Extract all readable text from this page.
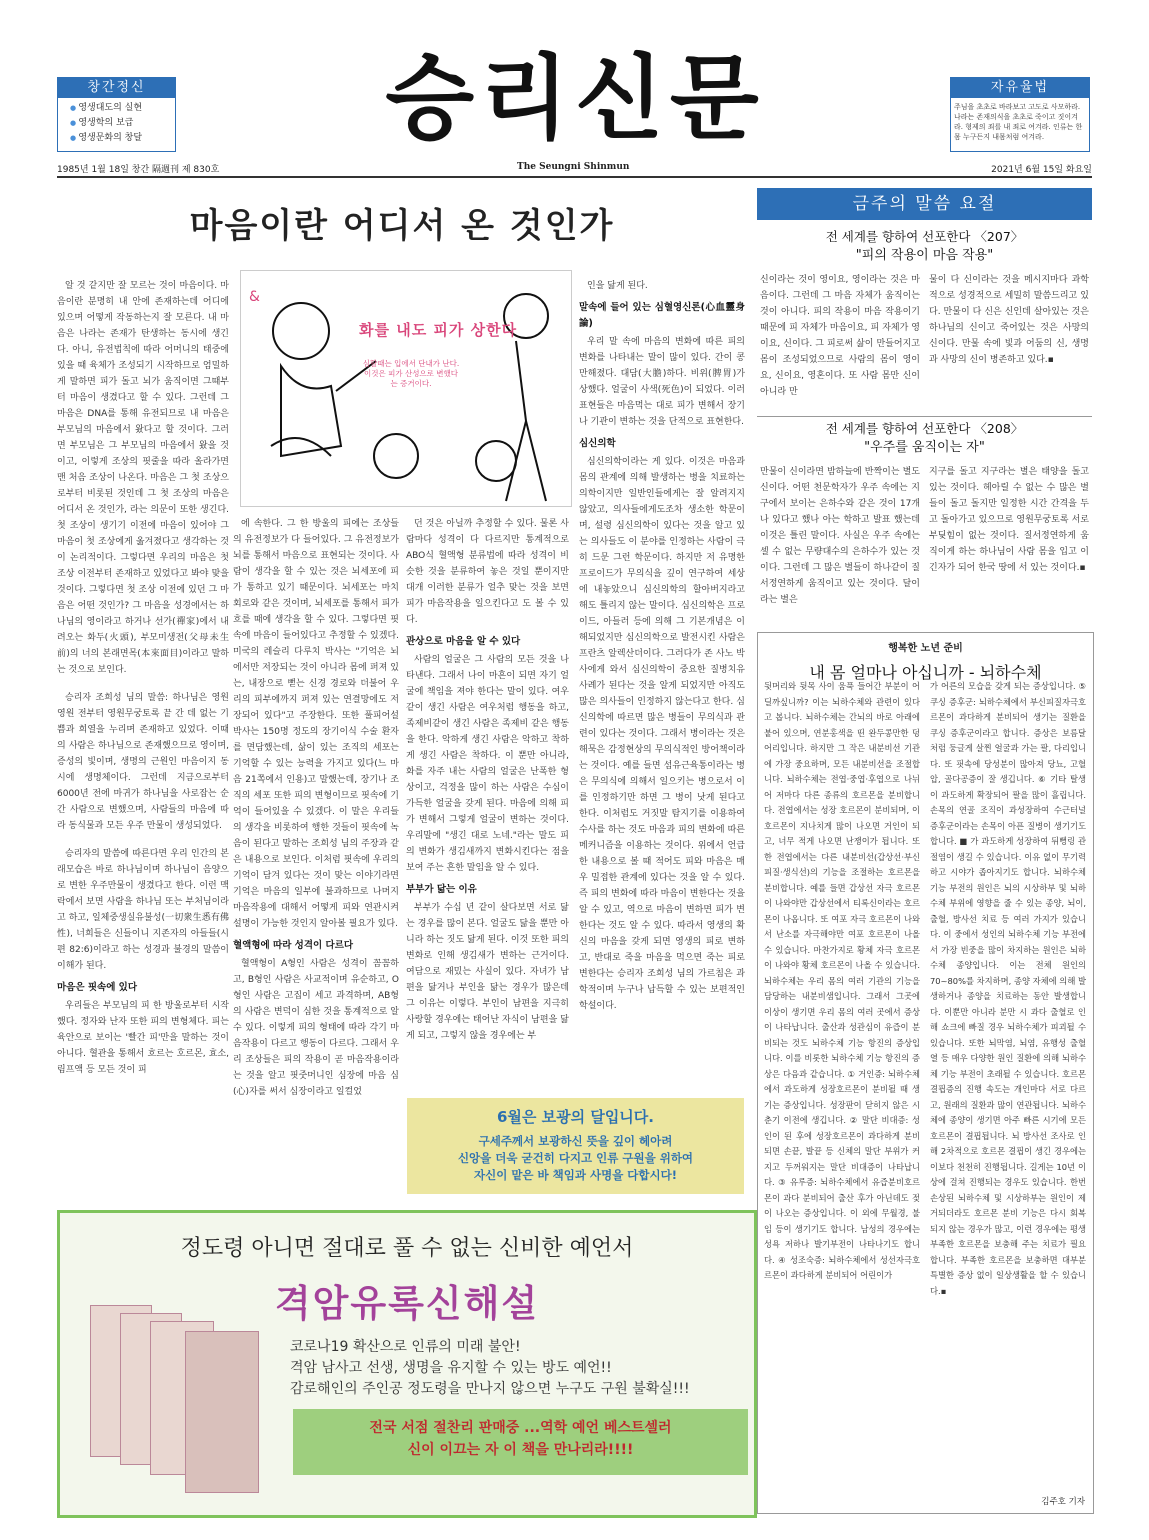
창간정신
● 영생대도의 실현
● 영생학의 보급
● 영생문화의 창달	승리신문	자유율법
주님을 초초로 바라보고 고도로 사모하라. 나라는 존재의식을 초초로 죽이고 짓이겨라. 형제의 죄를 내 죄로 여겨라. 인류는 한 몸 누구든지 내몸처럼 여겨라.
1985년 1월 18일 창간 隔週刊 제 830호	The Seungni Shinmun	2021년 6월 15일 화요일
마음이란 어디서 온 것인가
&
화를 내도 피가 상한다
심할때는 입에서 단내가 난다. 이것은 피가 산성으로 변했다는 증거이다.

알 것 같지만 잘 모르는 것이 마음이다. 마음이란 분명히 내 안에 존재하는데 어디에 있으며 어떻게 작동하는지 잘 모른다. 내 마음은 나라는 존재가 탄생하는 동시에 생긴다. 아니, 유전법칙에 따라 어머니의 태중에 있을 때 육체가 조성되기 시작하므로 엄밀하게 말하면 피가 돌고 뇌가 움직이면 그때부터 마음이 생겼다고 할 수 있다. 그런데 그 마음은 DNA를 통해 유전되므로 내 마음은 부모님의 마음에서 왔다고 할 것이다. 그러면 부모님은 그 부모님의 마음에서 왔을 것이고, 이렇게 조상의 핏줄을 따라 올라가면 맨 처음 조상이 나온다. 마음은 그 첫 조상으로부터 비롯된 것인데 그 첫 조상의 마음은 어디서 온 것인가, 라는 의문이 또한 생긴다. 첫 조상이 생기기 이전에 마음이 있어야 그 마음이 첫 조상에게 옮겨졌다고 생각하는 것이 논리적이다. 그렇다면 우리의 마음은 첫 조상 이전부터 존재하고 있었다고 봐야 맞을 것이다. 그렇다면 첫 조상 이전에 있던 그 마음은 어떤 것인가? 그 마음을 성경에서는 하나님의 영이라고 하거나 선가(禪家)에서 내려오는 화두(火頭), 부모미생전(父母未生前)의 너의 본래면목(本來面目)이라고 말하는 것으로 보인다.

승리자 조희성 님의 말씀: 하나님은 영원 영원 전부터 영원무궁토록 끝 간 데 없는 기쁨과 희열을 누리며 존재하고 있었다. 이때의 사람은 하나님으로 존재했으므로 영이며, 증성의 빛이며, 생명의 근원인 마음이지 동시에 생명체이다. 그런데 지금으로부터 6000년 전에 마귀가 하나님을 사로잡는 순간 사람으로 변했으며, 사람들의 마음에 따라 동식물과 모든 우주 만물이 생성되었다.

승리자의 말씀에 따른다면 우리 인간의 본래모습은 바로 하나님이며 하나님이 음양으로 변한 우주만물이 생겼다고 한다. 이런 맥락에서 보면 사람을 하나님 또는 부처님이라고 하고, 일체중생실유불성(一切衆生悉有佛性), 너희들은 신들이니 지존자의 아들들(시편 82:6)이라고 하는 성경과 불경의 말씀이 이해가 된다.

마음은 핏속에 있다

우리들은 부모님의 피 한 방울로부터 시작했다. 정자와 난자 또한 피의 변형체다. 피는 육안으로 보이는 '빨간 피'만을 말하는 것이 아니다. 혈관을 통해서 흐르는 호르몬, 효소, 림프액 등 모든 것이 피

에 속한다. 그 한 방울의 피에는 조상들의 유전정보가 다 들어있다. 그 유전정보가 뇌를 통해서 마음으로 표현되는 것이다. 사람이 생각을 할 수 있는 것은 뇌세포에 피가 통하고 있기 때문이다. 뇌세포는 마치 회로와 같은 것이며, 뇌세포를 통해서 피가 흐를 때에 생각을 할 수 있다. 그렇다면 핏속에 마음이 들어있다고 추정할 수 있겠다. 미국의 레슬리 다루치 박사는 "기억은 뇌에서만 저장되는 것이 아니라 몸에 퍼져 있는, 내장으로 뻗는 신경 경로와 더불어 우리의 피부에까지 퍼져 있는 연결망에도 저장되어 있다"고 주장한다. 또한 풀피어설 박사는 150명 정도의 장기이식 수술 환자를 면담했는데, 삶이 있는 조직의 세포는 기억할 수 있는 능력을 가지고 있다(느 마음 21쪽에서 인용)고 말했는데, 장기나 조직의 세포 또한 피의 변형이므로 핏속에 기억이 들어있을 수 있겠다. 이 말은 우리들의 생각을 비롯하여 행한 것들이 핏속에 녹음이 된다고 말하는 조희성 님의 주장과 같은 내용으로 보인다. 이처럼 핏속에 우리의 기억이 담겨 있다는 것이 맞는 이야기라면 기억은 마음의 일부에 불과하므로 나머지 마음작용에 대해서 어떻게 피와 연관시켜 설명이 가능한 것인지 알아볼 필요가 있다.

혈액형에 따라 성격이 다르다

혈액형이 A형인 사람은 성격이 꼼꼼하고, B형인 사람은 사교적이며 유순하고, O형인 사람은 고집이 세고 과격하며, AB형의 사람은 변덕이 심한 것을 통계적으로 알 수 있다. 이렇게 피의 형태에 따라 각기 마음작용이 다르고 행동이 다르다. 그래서 우리 조상들은 피의 작용이 곧 마음작용이라는 것을 알고 핏줏머니인 심장에 마음 심(心)자를 써서 심장이라고 일컬었

던 것은 아닐까 추정할 수 있다. 물론 사람마다 성격이 다 다르지만 통계적으로 ABO식 혈액형 분류법에 따라 성격이 비슷한 것을 분류하여 놓은 것일 뿐이지만 대개 이러한 분류가 얼추 맞는 것을 보면 피가 마음작용을 일으킨다고 도 볼 수 있다.

관상으로 마음을 알 수 있다

사람의 얼굴은 그 사람의 모든 것을 나타낸다. 그래서 나이 마흔이 되면 자기 얼굴에 책임을 져야 한다는 말이 있다. 여우 같이 생긴 사람은 여우처럼 행동을 하고, 족제비같이 생긴 사람은 족제비 같은 행동을 한다. 악하게 생긴 사람은 악하고 착하게 생긴 사람은 착하다. 이 뿐만 아니라, 화를 자주 내는 사람의 얼굴은 난폭한 형상이고, 걱정을 많이 하는 사람은 수심이 가득한 얼굴을 갖게 된다. 마음에 의해 피가 변해서 그렇게 얼굴이 변하는 것이다. 우리말에 "생긴 대로 노네."라는 말도 피의 변화가 생김새까지 변화시킨다는 점을 보여 주는 흔한 말임을 알 수 있다.

부부가 닮는 이유

부부가 수십 년 같이 살다보면 서로 닮는 경우를 많이 본다. 얼굴도 닮을 뿐만 아니라 하는 짓도 닮게 된다. 이것 또한 피의 변화로 인해 생김새가 변하는 근거이다. 여담으로 재밌는 사실이 있다. 자녀가 남편을 닮거나 부인을 닮는 경우가 많은데 그 이유는 이렇다. 부인이 남편을 지극히 사랑할 경우에는 태어난 자식이 남편을 닮게 되고, 그렇지 않을 경우에는 부

인을 닮게 된다.

말속에 들어 있는 심혈영신론(心血靈身論)

우리 말 속에 마음의 변화에 따른 피의 변화를 나타내는 말이 많이 있다. 간이 콩만해졌다. 대담(大膽)하다. 비위(脾胃)가 상했다. 얼굴이 사색(死色)이 되었다. 이러 표현들은 마음먹는 대로 피가 변해서 장기나 기관이 변하는 것을 단적으로 표현한다.

심신의학

심신의학이라는 게 있다. 이것은 마음과 몸의 관계에 의해 발생하는 병을 치료하는 의학이지만 일반인들에게는 잘 알려지지 않았고, 의사들에게도조차 생소한 학문이며, 설령 심신의학이 있다는 것을 알고 있는 의사들도 이 분야를 인정하는 사람이 극히 드문 그런 학문이다. 하지만 저 유명한 프로이드가 무의식을 깊이 연구하여 세상에 내놓았으니 심신의학의 할아버지라고 해도 틀리지 않는 말이다. 심신의학은 프로이드, 아들러 등에 의해 그 기본개념은 이해되었지만 심신의학으로 발전시킨 사람은 프란츠 알렉산더이다. 그러다가 존 사노 박사에게 와서 심신의학이 중요한 질병치유 사례가 된다는 것을 알게 되었지만 아직도 많은 의사들이 인정하지 않는다고 한다. 심신의학에 따르면 많은 병들이 무의식과 관련이 있다는 것이다. 그래서 병이라는 것은 해묵은 감정현상의 무의식적인 방어책이라는 것이다. 예를 들면 섬유근육통이라는 병은 무의식에 의해서 일으키는 병으로서 이를 인정하기만 하면 그 병이 낫게 된다고 한다. 이처럼도 거짓말 탐지기를 이용하여 수사를 하는 것도 마음과 피의 변화에 따른 메커니즘을 이용하는 것이다. 위에서 언급한 내용으로 볼 때 적어도 피와 마음은 매우 밀접한 관계에 있다는 것을 알 수 있다. 즉 피의 변화에 따라 마음이 변한다는 것을 알 수 있고, 역으로 마음이 변하면 피가 변한다는 것도 알 수 있다. 따라서 영생의 확신의 마음을 갖게 되면 영생의 피로 변하고, 반대로 죽을 마음을 먹으면 죽는 피로 변한다는 승리자 조희성 님의 가르침은 과학적이며 누구나 납득할 수 있는 보편적인 학설이다.

6월은 보광의 달입니다.
구세주께서 보광하신 뜻을 깊이 헤아려
신앙을 더욱 굳건히 다지고 인류 구원을 위하여
자신이 맡은 바 책임과 사명을 다합시다!
금주의 말씀 요절
전 세계를 향하여 선포한다 〈207〉
"피의 작용이 마음 작용"
신이라는 것이 영이요, 영이라는 것은 마음이다. 그런데 그 마음 자체가 움직이는 것이 아니다. 피의 작용이 마음 작용이기 때문에 피 자체가 마음이요, 피 자체가 영이요, 신이다. 그 피로써 삶이 만들어지고 몸이 조성되었으므로 사람의 몸이 영이요, 신이요, 영혼이다. 또 사람 몸만 신이 아니라 만
물이 다 신이라는 것을 메시지마다 과학적으로 성경적으로 세밀히 말씀드리고 있다. 만물이 다 신은 신인데 살아있는 것은 하나님의 신이고 죽어있는 것은 사망의 신이다. 만물 속에 빛과 어둠의 신, 생명과 사망의 신이 병존하고 있다.▪
전 세계를 향하여 선포한다 〈208〉
"우주를 움직이는 자"
만물이 신이라면 밤하늘에 반짝이는 별도 신이다. 어떤 천문학자가 우주 속에는 지구에서 보이는 은하수와 같은 것이 17개나 있다고 했나 아는 학하고 발표 했는데 이것은 틀린 말이다. 사실은 우주 속에는 셀 수 없는 무량대수의 은하수가 있는 것이다. 그런데 그 많은 별들이 하나같이 질서정연하게 움직이고 있는 것이다. 달이라는 별은
지구를 돌고 지구라는 별은 태양을 돌고 있는 것이다. 헤아릴 수 없는 수 많은 별들이 돌고 돌지만 일정한 시간 간격을 두고 돌아가고 있으므로 영원무궁토록 서로 부딪힘이 없는 것이다. 질서정연하게 움직이게 하는 하나님이 사람 몸을 입고 이긴자가 되어 한국 땅에 서 있는 것이다.▪
행복한 노년 준비
내 몸 얼마나 아십니까 - 뇌하수체
뒷머리와 뒷목 사이 움푹 들어간 부분이 어딜까싶니까? 이는 뇌하수체와 관련이 있다고 봅니다. 뇌하수체는 간뇌의 바로 아래에 붙어 있으며, 연분홍색을 띤 완두콩만한 덩어리입니다. 하지만 그 작은 내분비선 기관에 가장 중요하며, 모든 내분비선을 조절합니다. 뇌하수체는 전엽·중엽·후엽으로 나뉘어 저마다 다른 종류의 호르몬을 분비합니다. 전엽에서는 성장 호르몬이 분비되며, 이 호르몬이 지나치게 많이 나오면 거인이 되고, 너무 적게 나오면 난쟁이가 됩니다. 또한 전엽에서는 다른 내분비선(갑상선·부신 피질·생식선)의 기능을 조절하는 호르몬을 분비합니다. 예를 들면 갑상선 자극 호르몬이 나와야만 갑상선에서 티록신이라는 호르몬이 나옵니다. 또 여포 자극 호르몬이 나와서 난소를 자극해야만 여포 호르몬이 나올 수 있습니다. 마찬가지로 황체 자극 호르몬이 나와야 황체 호르몬이 나올 수 있습니다. 뇌하수체는 우리 몸의 여러 기관의 기능을 담당하는 내분비샘입니다. 그래서 그곳에 이상이 생기면 우리 몸의 여러 곳에서 증상이 나타납니다. 출산과 성관심이 유즙이 분비되는 것도 뇌하수체 기능 항진의 증상입니다. 이를 비롯한 뇌하수체 기능 항진의 증상은 다음과 같습니다. ① 거인증: 뇌하수체에서 과도하게 성장호르몬이 분비될 때 생기는 증상입니다. 성장판이 닫히지 않은 시춘기 이전에 생깁니다. ② 말단 비대증: 성인이 된 후에 성장호르몬이 과다하게 분비되면 손끝, 발끝 등 신체의 말단 부위가 커지고 두꺼워지는 말단 비대증이 나타납니다. ③ 유루증: 뇌하수체에서 유즙분비호르몬이 과다 분비되어 출산 후가 아닌데도 젖이 나오는 증상입니다. 이 외에 무월경, 불임 등이 생기기도 합니다. 남성의 경우에는 성욕 저하나 발기부전이 나타나기도 합니다. ④ 성조숙증: 뇌하수체에서 성선자극호르몬이 과다하게 분비되어 어린이가
가 어른의 모습을 갖게 되는 증상입니다. ⑤ 쿠싱 증후군: 뇌하수체에서 부신피질자극호르몬이 과다하게 분비되어 생기는 질환을 쿠싱 증후군이라고 합니다. 증상은 보름달처럼 둥글게 살찐 얼굴과 가는 팔, 다리입니다. 또 핏속에 당성분이 많아져 당뇨, 고혈압, 골다공증이 잘 생깁니다. ⑥ 기타 탈생이 과도하게 확장되어 팔을 많이 흘립니다. 손목의 연골 조직이 과성장하여 수근터널 증후군이라는 손목이 아픈 질병이 생기기도 합니다. ■ 가 과도하게 성장하여 뒤뻥링 관절염이 생길 수 있습니다. 이유 없이 무기력하고 시야가 좁아지기도 합니다. 뇌하수체 기능 부전의 원인은 뇌의 시상하부 및 뇌하수체 부위에 영향을 줄 수 있는 종양, 뇌이, 출혈, 방사선 치료 등 여러 가지가 있습니다. 이 중에서 성인의 뇌하수체 기능 부전에서 가장 빈중을 많이 차지하는 원인은 뇌하수체 종양입니다. 이는 전체 원인의 70~80%를 차지하며, 종양 자체에 의해 발생하거나 종양을 치료하는 동안 발생합니다. 이뿐만 아니라 분만 시 과다 출혈로 인해 쇼크에 빠질 경우 뇌하수체가 피괴될 수 있습니다. 또한 뇌막염, 뇌염, 유행성 출혈열 등 매우 다양한 원인 질환에 의해 뇌하수체 기능 부전이 초래될 수 있습니다. 호르몬 결핍증의 진행 속도는 개인마다 서로 다르고, 원래의 질환과 많이 연관됩니다. 뇌하수체에 종양이 생기면 아주 빠른 시기에 모든 호르몬이 결핍됩니다. 뇌 방사선 조사로 인해 2차적으로 호르몬 결핍이 생긴 경우에는 이보다 천천히 진행됩니다. 길게는 10년 이상에 걸쳐 진행되는 경우도 있습니다. 한번 손상된 뇌하수체 및 시상하부는 원인이 제거되더라도 호르몬 분비 기능은 다시 회복되지 않는 경우가 많고, 이런 경우에는 평생 부족한 호르몬을 보충해 주는 치료가 필요합니다. 부족한 호르몬을 보충하면 대부분 특별한 증상 없이 일상생활을 할 수 있습니다.▪
김주호 기자
정도령 아니면 절대로 풀 수 없는 신비한 예언서
격암유록신해설
코로나19 확산으로 인류의 미래 불안!
격암 남사고 선생, 생명을 유지할 수 있는 방도 예언!!
감로해인의 주인공 정도령을 만나지 않으면 누구도 구원 불확실!!!
전국 서점 절찬리 판매중 ...역학 예언 베스트셀러
신이 이끄는 자 이 책을 만나리라!!!!
